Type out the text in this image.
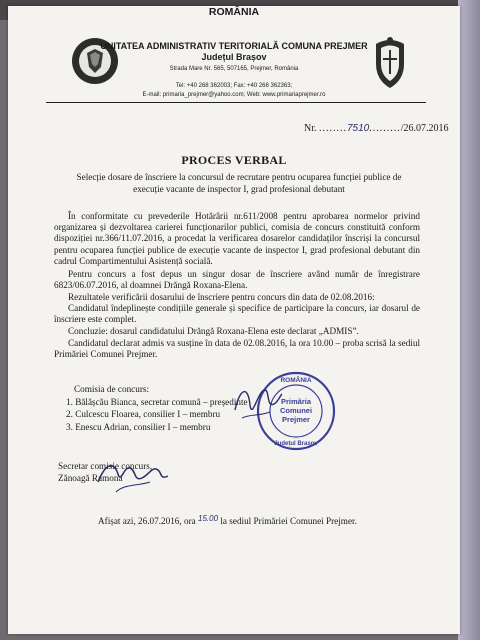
ROMÂNIA
UNITATEA ADMINISTRATIV TERITORIALĂ COMUNA PREJMER
Județul Brașov
Strada Mare Nr. 565, 507165, Prejmer, România
Tel: +40 268 362003; Fax: +40 268 362363;
E-mail: primaria_prejmer@yahoo.com; Web: www.primariaprejmer.ro
Nr. ........7510........./26.07.2016
PROCES VERBAL
Selecție dosare de înscriere la concursul de recrutare pentru ocuparea funcției publice de execuție vacante de inspector I, grad profesional debutant
În conformitate cu prevederile Hotărârii nr.611/2008 pentru aprobarea normelor privind organizarea și dezvoltarea carierei funcționarilor publici, comisia de concurs constituită conform dispoziției nr.366/11.07.2016, a procedat la verificarea dosarelor candidaților înscriși la concursul pentru ocuparea funcției publice de execuție vacante de inspector I, grad profesional debutant din cadrul Compartimentului Asistență socială.
Pentru concurs a fost depus un singur dosar de înscriere având număr de înregistrare 6823/06.07.2016, al doamnei Drăngă Roxana-Elena.
Rezultatele verificării dosarului de înscriere pentru concurs din data de 02.08.2016:
Candidatul îndeplinește condițiile generale și specifice de participare la concurs, iar dosarul de înscriere este complet.
Concluzie: dosarul candidatului Drăngă Roxana-Elena este declarat „ADMIS”.
Candidatul declarat admis va susține în data de 02.08.2016, la ora 10.00 – proba scrisă la sediul Primăriei Comunei Prejmer.
Comisia de concurs:
1. Bălășcău Bianca, secretar comună – președinte
2. Culcescu Floarea, consilier I – membru
3. Enescu Adrian, consilier I – membru
ROMÂNIA
Primăria
Comunei
Prejmer
Județul Brașov
Secretar comisie concurs,
Zănoagă Ramona
Afișat azi, 26.07.2016, ora 15.00 la sediul Primăriei Comunei Prejmer.
